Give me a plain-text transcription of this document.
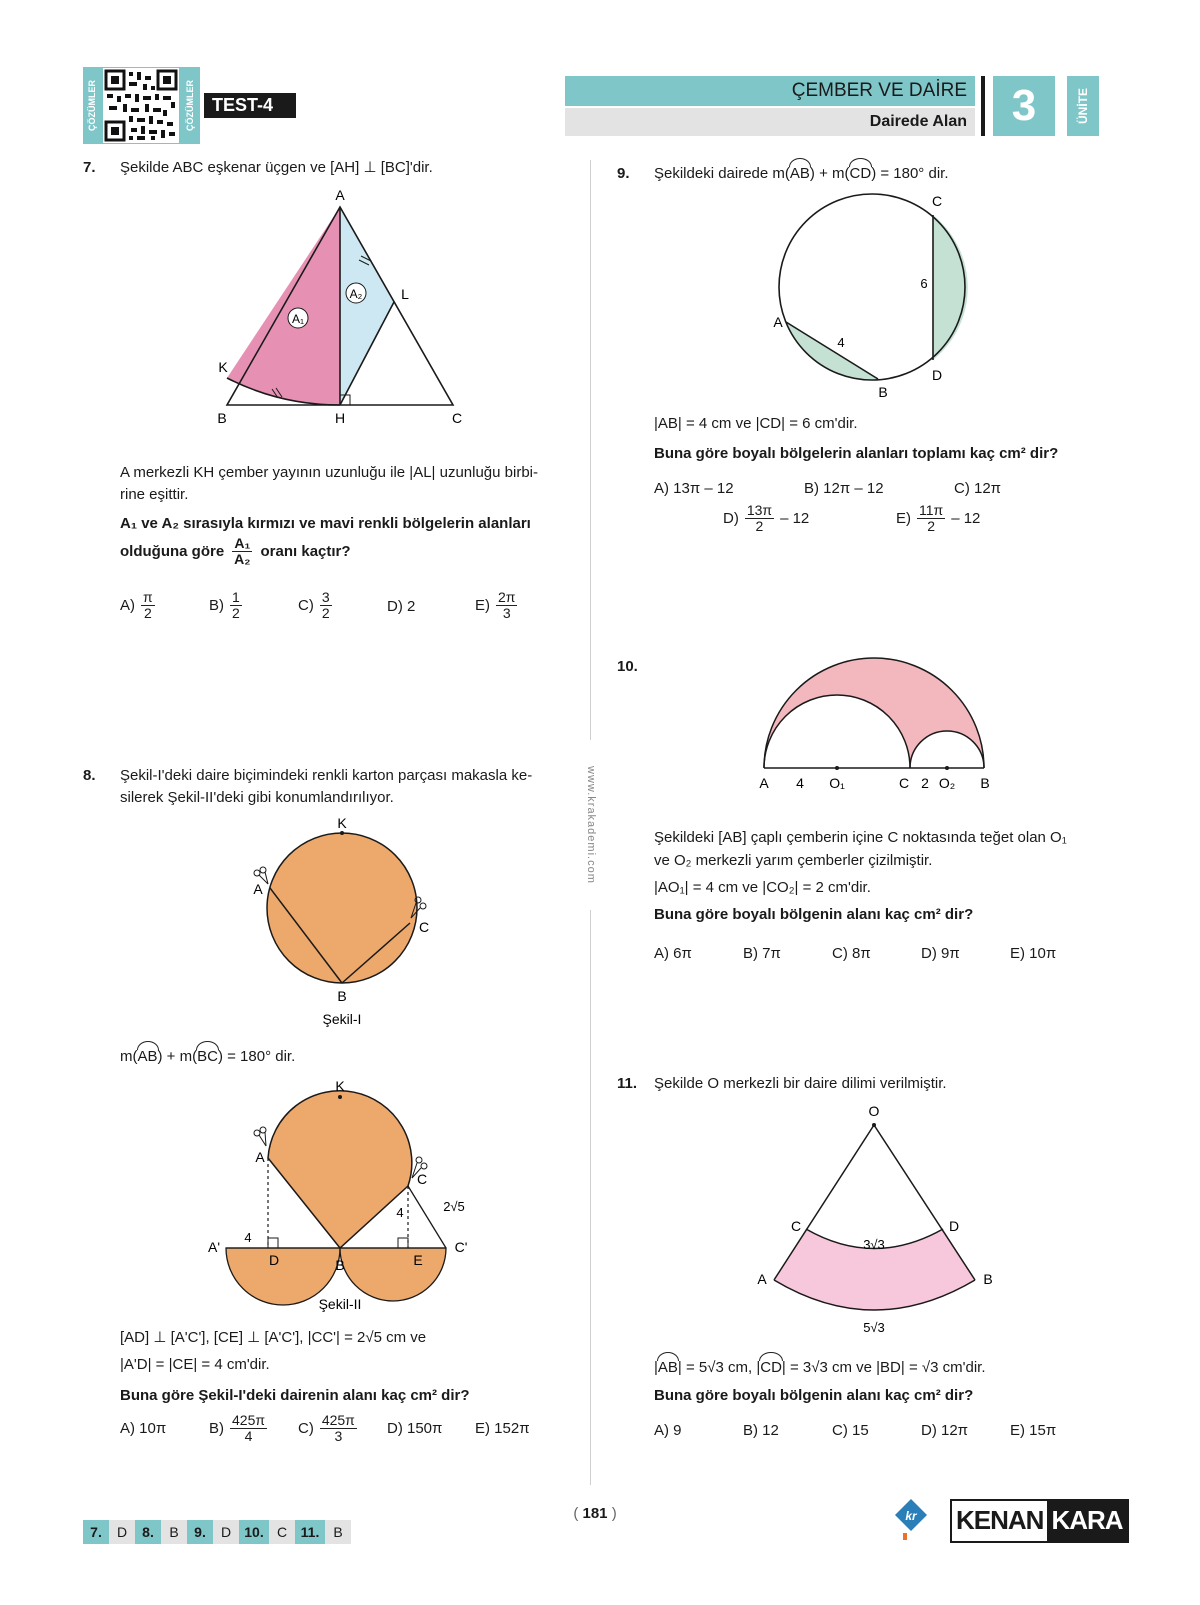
ÇÖZÜMLER	ÇÖZÜMLER TEST-4
ÇEMBER VE DAİRE
Dairede Alan	3	ÜNİTE
www.krakademi.com
7. Şekilde ABC eşkenar üçgen ve [AH] ⊥ [BC]'dir.
A₁
A₂
A
B	H	C
K
L
A merkezli KH çember yayının uzunluğu ile |AL| uzunluğu birbi-
rine eşittir.
A₁ ve A₂ sırasıyla kırmızı ve mavi renkli bölgelerin alanları
olduğuna göre $\frac{\text{A₁}}{\text{A₂}}$ oranı kaçtır?
$A) \frac{\pi}{2}$	$B) \frac{1}{2}$	$C) \frac{3}{2}$	D) 2	$E) \frac{2\pi}{3}$
8. Şekil-I'deki daire biçimindeki renkli karton parçası makasla ke-
silerek Şekil-II'deki gibi konumlandırılıyor.
K
A
C
B
Şekil-I
m(AB) + m(BC) = 180° dir.
K
A
C
A'	C'
D	E
B
4
4	2√5
Şekil-II
[AD] ⊥ [A'C'], [CE] ⊥ [A'C'], |CC'| = 2√5 cm ve
|A'D| = |CE| = 4 cm'dir.
Buna göre Şekil-I'deki dairenin alanı kaç cm² dir?
A) 10π	$B) \frac{425\pi}{4} C) \frac{425\pi}{3} D$) 150π E) 152π
9. Şekildeki dairede m(AB) + m(CD) = 180° dir.
C
D
A
B
4
6
|AB| = 4 cm ve |CD| = 6 cm'dir.
Buna göre boyalı bölgelerin alanları toplamı kaç cm² dir?
A) 13π – 12	B) 12π – 12	C) 12π
$D) \frac{13\pi}{2} - 12$	$E) \frac{11\pi}{2} - 12$
10.
A 4 O₁	C 2 O₂ B
Şekildeki [AB] çaplı çemberin içine C noktasında teğet olan O₁
ve O₂ merkezli yarım çemberler çizilmiştir.
|AO₁| = 4 cm ve |CO₂| = 2 cm'dir.
Buna göre boyalı bölgenin alanı kaç cm² dir?
A) 6π	B) 7π	C) 8π	D) 9π	E) 10π
11. Şekilde O merkezli bir daire dilimi verilmiştir.
O
A	B
C	D
3√3
5√3
|AB| = 5√3 cm, |CD| = 3√3 cm ve |BD| = √3 cm'dir.
Buna göre boyalı bölgenin alanı kaç cm² dir?
A) 9	B) 12	C) 15	D) 12π	E) 15π
( 181 )
7.	D	8.	B	9.	D 10. C 11. B
kr KENAN KARA
